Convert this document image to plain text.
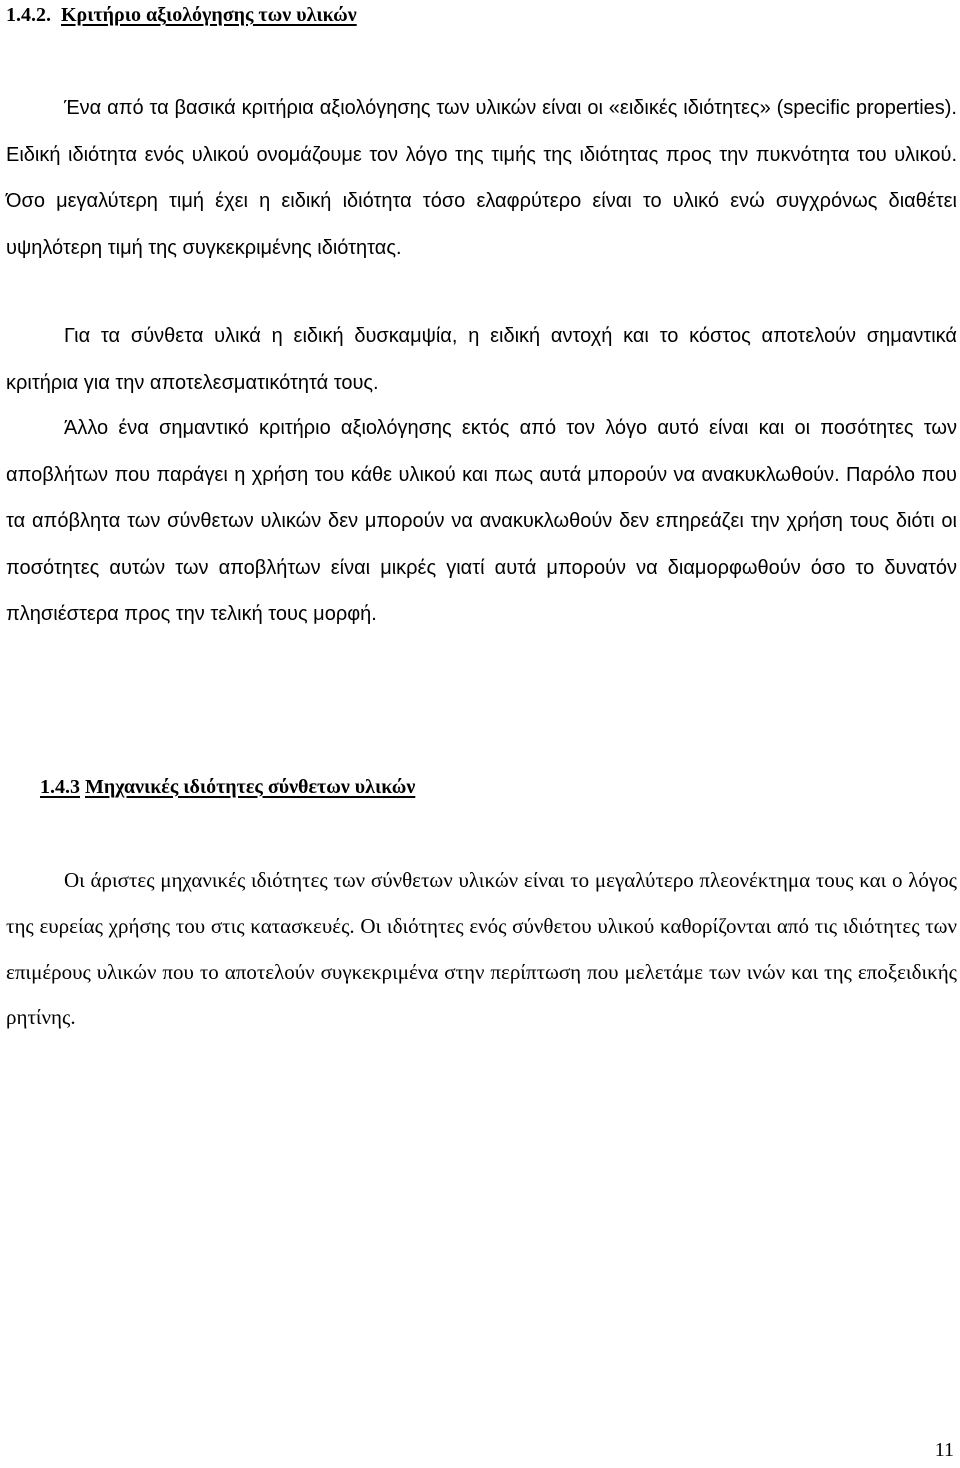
1.4.2. Κριτήριο αξιολόγησης των υλικών

Ένα από τα βασικά κριτήρια αξιολόγησης των υλικών είναι οι «ειδικές ιδιότητες» (specific properties). Ειδική ιδιότητα ενός υλικού ονομάζουμε τον λόγο της τιμής της ιδιότητας προς την πυκνότητα του υλικού. Όσο μεγαλύτερη τιμή έχει η ειδική ιδιότητα τόσο ελαφρύτερο είναι το υλικό ενώ συγχρόνως διαθέτει υψηλότερη τιμή της συγκεκριμένης ιδιότητας.

Για τα σύνθετα υλικά η ειδική δυσκαμψία, η ειδική αντοχή και το κόστος αποτελούν σημαντικά κριτήρια για την αποτελεσματικότητά τους.

Άλλο ένα σημαντικό κριτήριο αξιολόγησης εκτός από τον λόγο αυτό είναι και οι ποσότητες των αποβλήτων που παράγει η χρήση του κάθε υλικού και πως αυτά μπορούν να ανακυκλωθούν. Παρόλο που τα απόβλητα των σύνθετων υλικών δεν μπορούν να ανακυκλωθούν δεν επηρεάζει την χρήση τους διότι οι ποσότητες αυτών των αποβλήτων είναι μικρές γιατί αυτά μπορούν να διαμορφωθούν όσο το δυνατόν πλησιέστερα προς την τελική τους μορφή.

1.4.3 Μηχανικές ιδιότητες σύνθετων υλικών

Οι άριστες μηχανικές ιδιότητες των σύνθετων υλικών είναι το μεγαλύτερο πλεονέκτημα τους και ο λόγος της ευρείας χρήσης του στις κατασκευές. Οι ιδιότητες ενός σύνθετου υλικού καθορίζονται από τις ιδιότητες των επιμέρους υλικών που το αποτελούν συγκεκριμένα στην περίπτωση που μελετάμε των ινών και της εποξειδικής ρητίνης.

11
